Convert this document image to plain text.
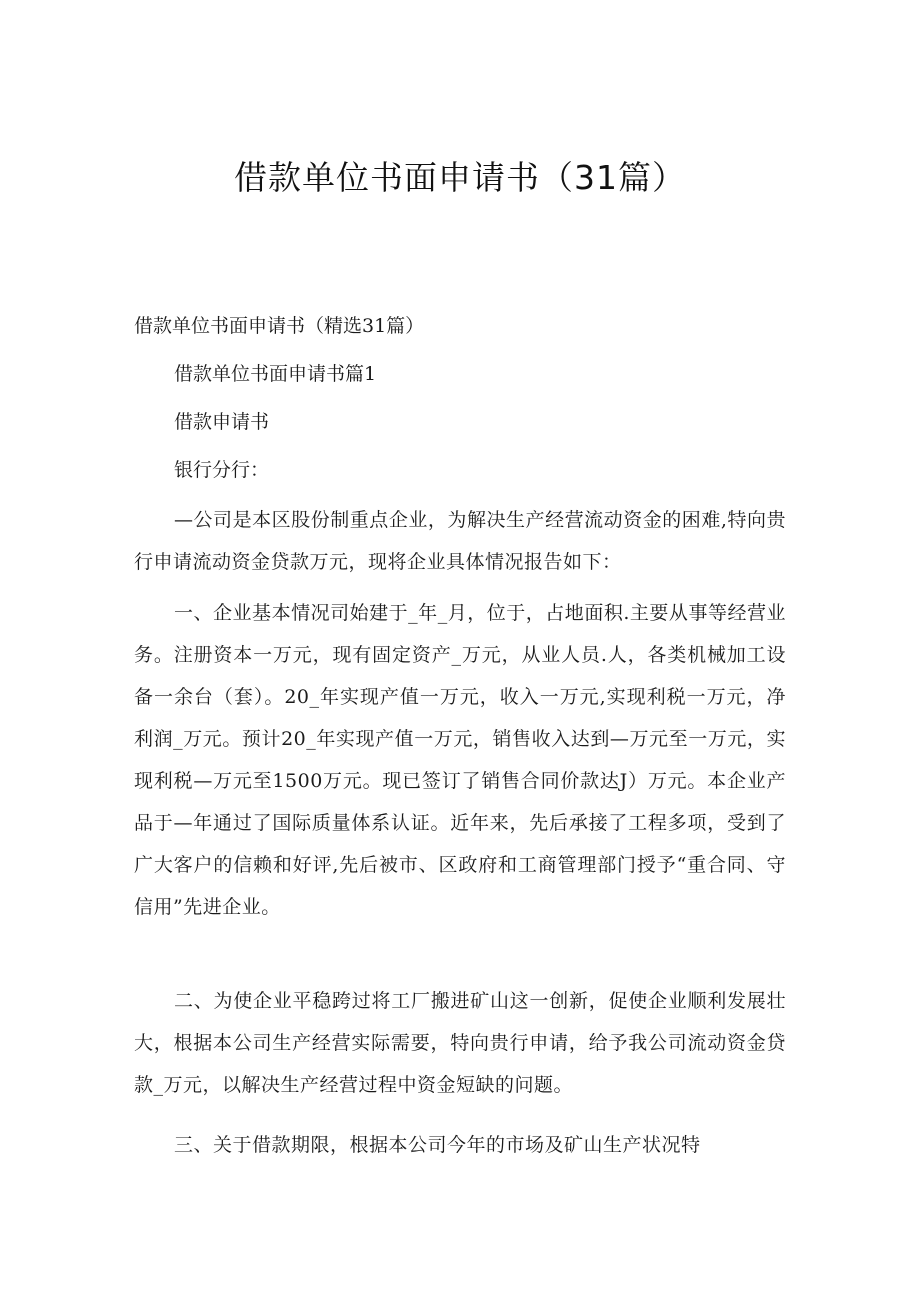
借款单位书面申请书（31篇）
借款单位书面申请书（精选31篇）
借款单位书面申请书篇1
借款申请书
银行分行：

—公司是本区股份制重点企业，为解决生产经营流动资金的困难,特向贵行申请流动资金贷款万元，现将企业具体情况报告如下：

一、企业基本情况司始建于_年_月，位于，占地面积.主要从事等经营业务。注册资本一万元，现有固定资产_万元，从业人员.人，各类机械加工设备一余台（套）。20_年实现产值一万元，收入一万元,实现利税一万元，净利润_万元。预计20_年实现产值一万元，销售收入达到—万元至一万元，实现利税—万元至1500万元。现已签订了销售合同价款达J）万元。本企业产品于—年通过了国际质量体系认证。近年来，先后承接了工程多项，受到了广大客户的信赖和好评,先后被市、区政府和工商管理部门授予“重合同、守信用”先进企业。

二、为使企业平稳跨过将工厂搬进矿山这一创新，促使企业顺利发展壮大，根据本公司生产经营实际需要，特向贵行申请，给予我公司流动资金贷款_万元，以解决生产经营过程中资金短缺的问题。

三、关于借款期限，根据本公司今年的市场及矿山生产状况特
